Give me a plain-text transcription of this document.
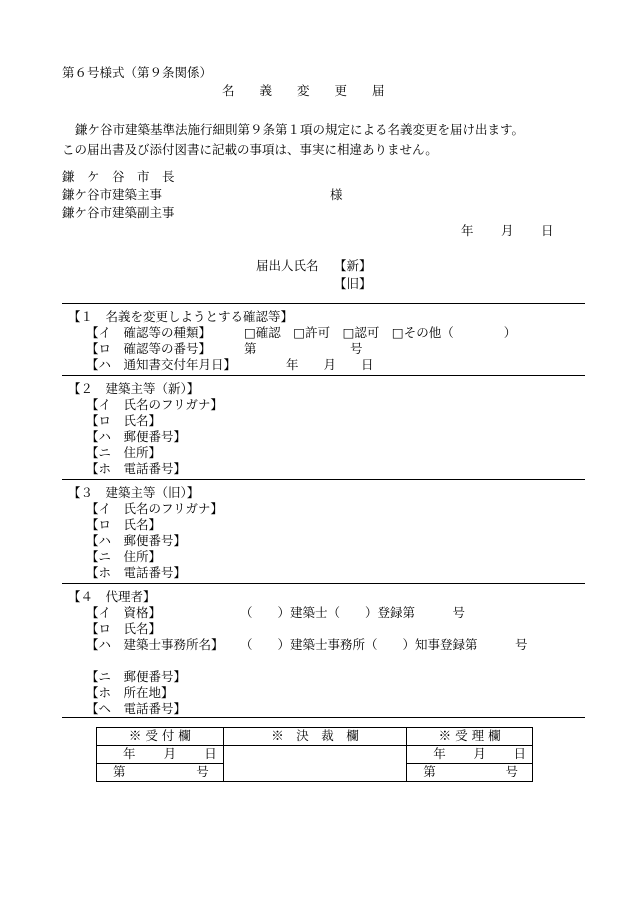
第６号様式（第９条関係）
名　　義　　変　　更　　届
鎌ケ谷市建築基準法施行細則第９条第１項の規定による名義変更を届け出ます。
この届出書及び添付図書に記載の事項は、事実に相違ありません。
鎌　ケ　谷　市　長
鎌ケ谷市建築主事	様
鎌ケ谷市建築副主事
年 月 日
届出人氏名 【新】
【旧】
【１　名義を変更しようとする確認等】
【イ　確認等の種類】	□確認　□許可　□認可　□その他（　　　　）
【ロ　確認等の番号】	第	号
【ハ　通知書交付年月日】	年　　月　　日
【２　建築主等（新）】
【イ　氏名のフリガナ】
【ロ　氏名】
【ハ　郵便番号】
【ニ　住所】
【ホ　電話番号】
【３　建築主等（旧）】
【イ　氏名のフリガナ】
【ロ　氏名】
【ハ　郵便番号】
【ニ　住所】
【ホ　電話番号】
【４　代理者】
【イ　資格】	（　　）建築士（　　）登録第　　　号
【ロ　氏名】
【ハ　建築士事務所名】 （　　）建築士事務所（　　）知事登録第　　　号
【ニ　郵便番号】
【ホ　所在地】
【ヘ　電話番号】
※ 受 付 欄	※　決　裁　欄	※ 受 理 欄

年 月 日		年 月 日

第 号		第 号
